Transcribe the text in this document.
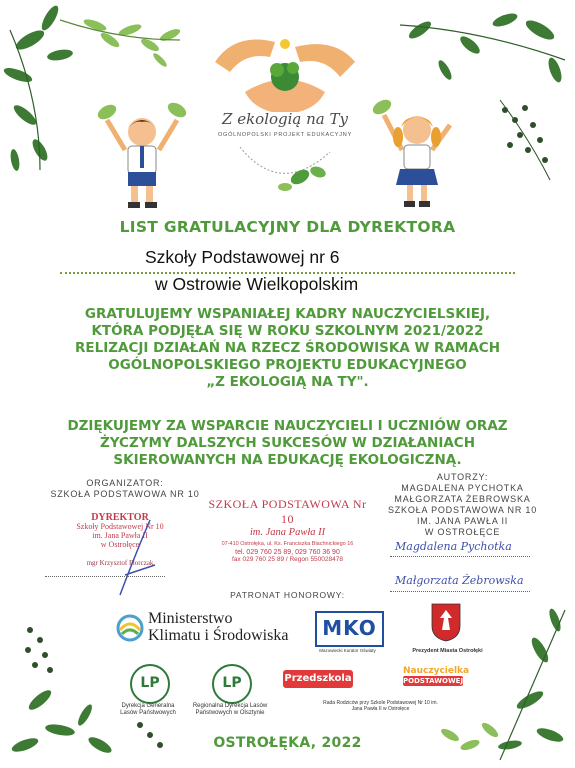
Z ekologią na Ty
OGÓLNOPOLSKI PROJEKT EDUKACYJNY
LIST GRATULACYJNY DLA DYREKTORA
Szkoły Podstawowej nr 6
w Ostrowie Wielkopolskim
GRATULUJEMY WSPANIAŁEJ KADRY NAUCZYCIELSKIEJ,
KTÓRA PODJĘŁA SIĘ W ROKU SZKOLNYM 2021/2022
RELIZACJI DZIAŁAŃ NA RZECZ ŚRODOWISKA W RAMACH
OGÓLNOPOLSKIEGO PROJEKTU EDUKACYJNEGO
„Z EKOLOGIĄ NA TY".
DZIĘKUJEMY ZA WSPARCIE NAUCZYCIELI I UCZNIÓW ORAZ
ŻYCZYMY DALSZYCH SUKCESÓW W DZIAŁANIACH
SKIEROWANYCH NA EDUKACJĘ EKOLOGICZNĄ.
ORGANIZATOR:
SZKOŁA PODSTAWOWA NR 10
DYREKTOR
Szkoły Podstawowej Nr 10
im. Jana Pawła II
w Ostrołęce
mgr Krzysztof Florczak
SZKOŁA PODSTAWOWA Nr 10
im. Jana Pawła II
07-410 Ostrołęka, ul. Ks. Franciszka Blachnickiego 16
tel. 029 760 25 89, 029 760 36 90
fax 029 760 25 89 / Regon 550028478
AUTORZY:
MAGDALENA PYCHOTKA
MAŁGORZATA ŻEBROWSKA
SZKOŁA PODSTAWOWA NR 10
IM. JANA PAWŁA II
W OSTROŁĘCE
Magdalena Pychotka
Małgorzata Żebrowska
PATRONAT HONOROWY:
Ministerstwo
Klimatu i Środowiska MKO
Mazowiecki Kurator Oświaty	Prezydent Miasta Ostrołęki
LP
Dyrekcja Generalna Lasów Państwowych
LP
Regionalna Dyrekcja Lasów Państwowych w Olsztynie
Przedszkola
Nauczycielka
PODSTAWOWEJ
Rada Rodziców przy Szkole Podstawowej Nr 10 im. Jana Pawła II w Ostrołęce
OSTROŁĘKA, 2022
